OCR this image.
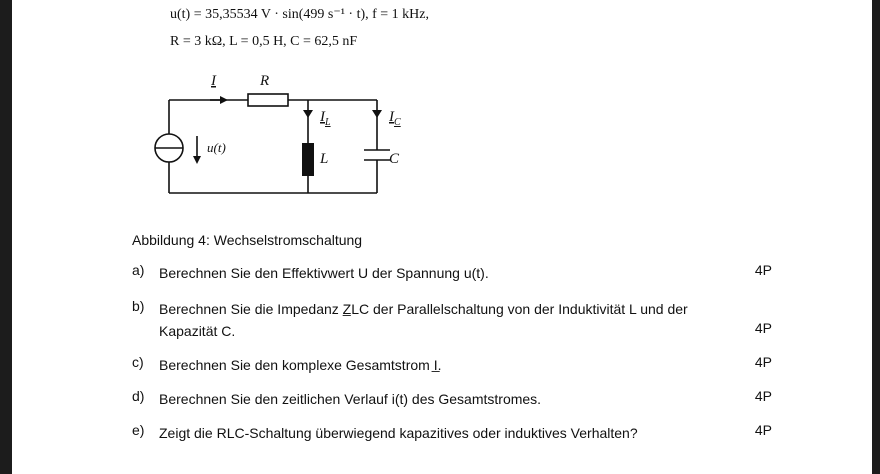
u(t) = 35,35534 V · sin(499 s⁻¹ · t), f = 1 kHz,
R = 3 kΩ, L = 0,5 H, C = 62,5 nF
I	R
u(t)
$I_L$	$I_C$
L	C
Abbildung 4: Wechselstromschaltung
a) Berechnen Sie den Effektivwert U der Spannung u(t).	4P
b) Berechnen Sie die Impedanz Z̲LC der Parallelschaltung von der Induktivität L und der Kapazität C.	4P
c) Berechnen Sie den komplexe Gesamtstrom I̲.	4P
d) Berechnen Sie den zeitlichen Verlauf i(t) des Gesamtstromes.	4P
e) Zeigt die RLC-Schaltung überwiegend kapazitives oder induktives Verhalten?	4P
